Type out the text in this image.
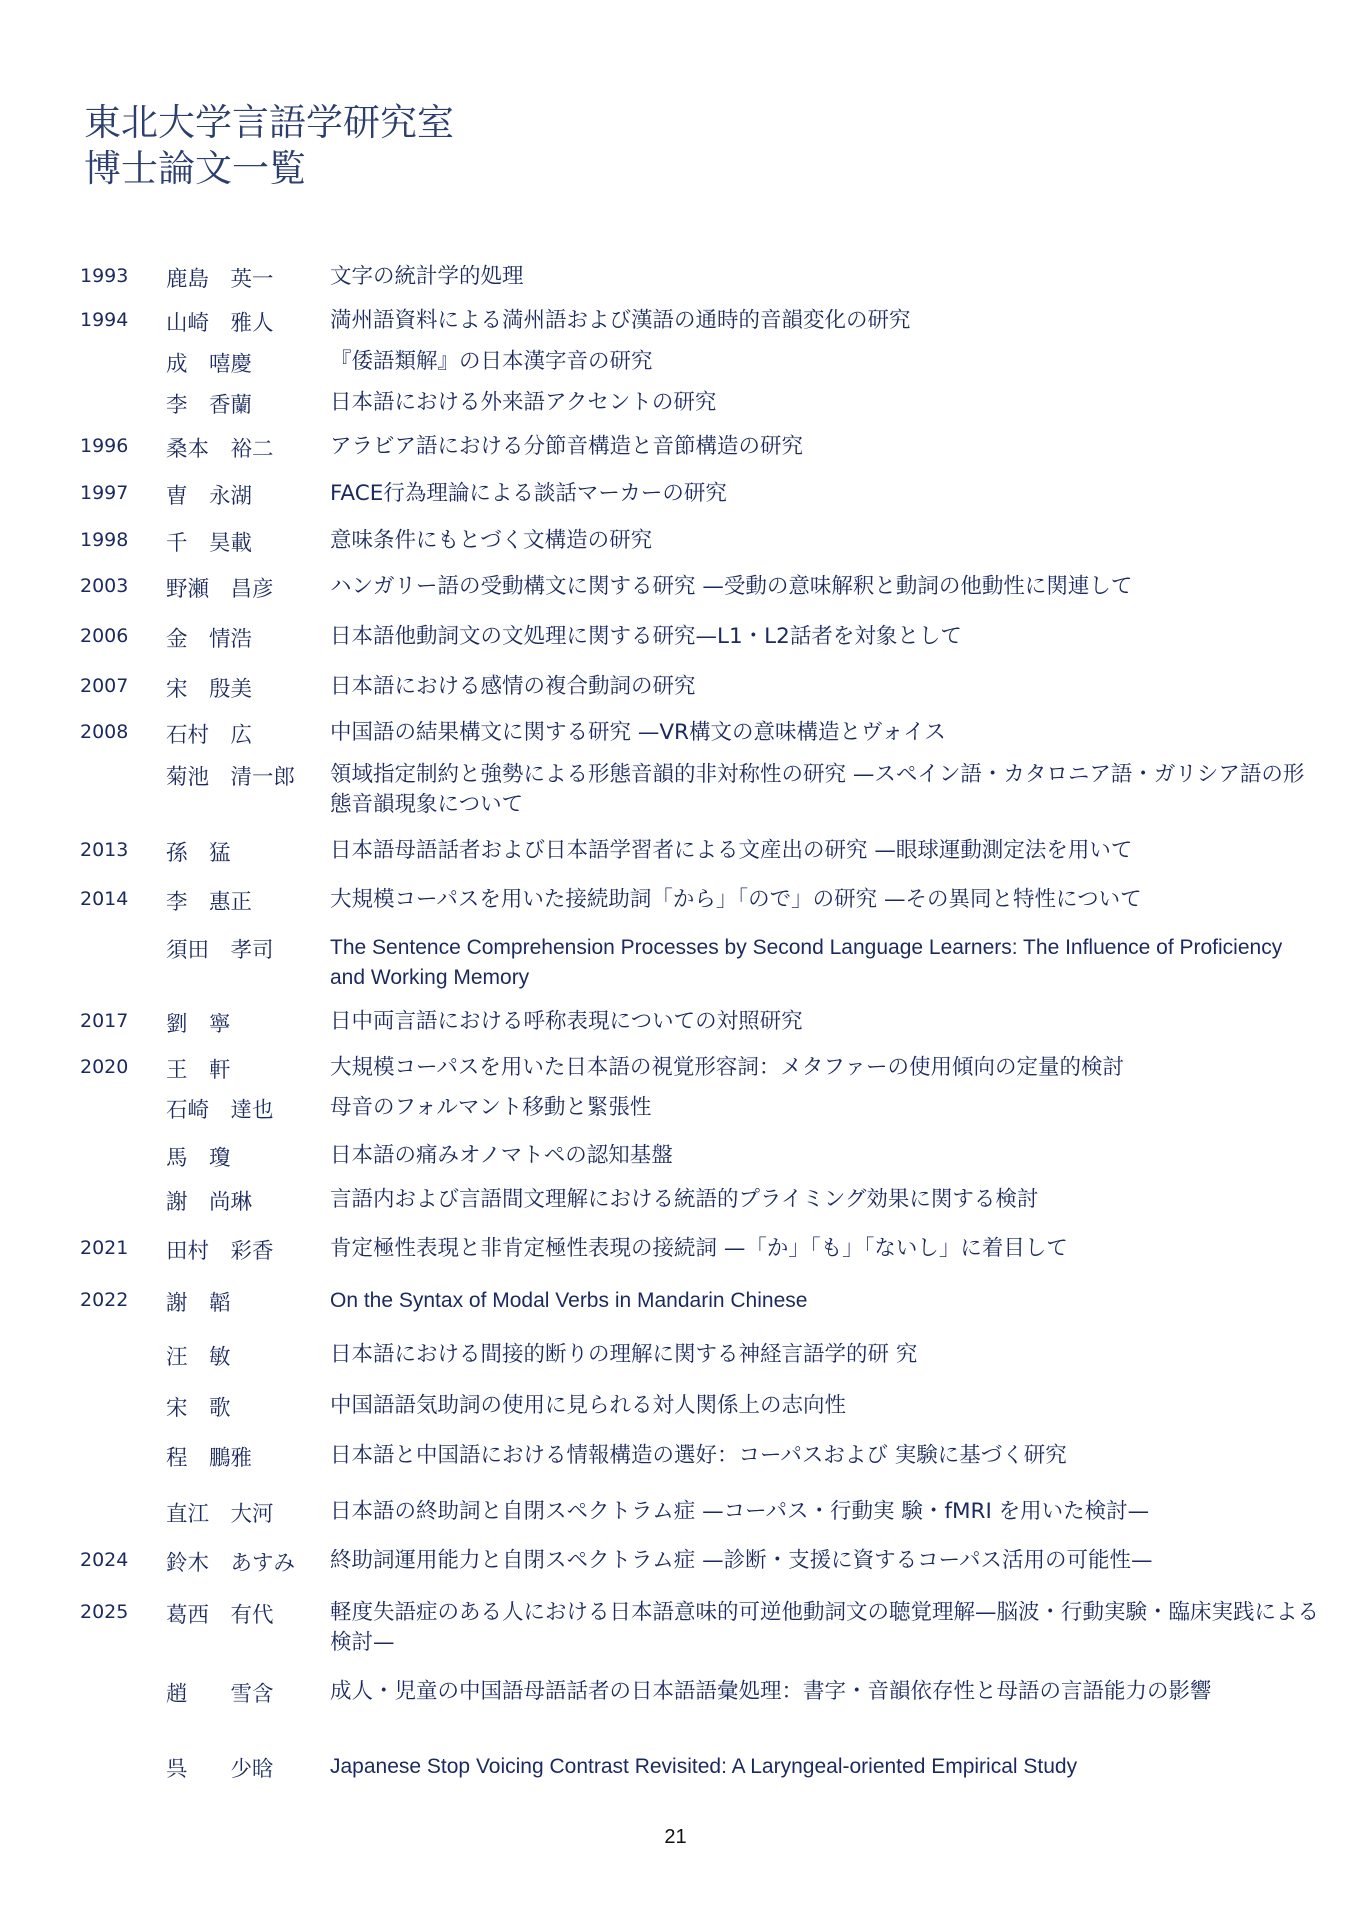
東北大学言語学研究室
博士論文一覧
1993 鹿島　英一	文字の統計学的処理
1994 山崎　雅人	満州語資料による満州語および漢語の通時的音韻変化の研究
成　嘻慶	『倭語類解』の日本漢字音の研究
李　香蘭	日本語における外来語アクセントの研究
1996 桑本　裕二	アラビア語における分節音構造と音節構造の研究
1997 曺　永湖	FACE行為理論による談話マーカーの研究
1998 千　昊載	意味条件にもとづく文構造の研究
2003 野瀬　昌彦	ハンガリー語の受動構文に関する研究 —受動の意味解釈と動詞の他動性に関連して
2006 金　情浩	日本語他動詞文の文処理に関する研究—L1・L2話者を対象として
2007 宋　殷美	日本語における感情の複合動詞の研究
2008 石村　広	中国語の結果構文に関する研究 —VR構文の意味構造とヴォイス
菊池　清一郎 領域指定制約と強勢による形態音韻的非対称性の研究 —スペイン語・カタロニア語・ガリシア語の形態音韻現象について
2013 孫　猛	日本語母語話者および日本語学習者による文産出の研究 —眼球運動測定法を用いて
2014 李　惠正	大規模コーパスを用いた接続助詞「から」「ので」の研究 —その異同と特性について
須田　孝司	The Sentence Comprehension Processes by Second Language Learners: The Influence of Proficiency and Working Memory
2017 劉　寧	日中両言語における呼称表現についての対照研究
2020 王　軒	大規模コーパスを用いた日本語の視覚形容詞：メタファーの使用傾向の定量的検討
石崎　達也	母音のフォルマント移動と緊張性
馬　瓊	日本語の痛みオノマトペの認知基盤
謝　尚琳	言語内および言語間文理解における統語的プライミング効果に関する検討
2021 田村　彩香	肯定極性表現と非肯定極性表現の接続詞 —「か」「も」「ないし」に着目して
2022 謝　韜	On the Syntax of Modal Verbs in Mandarin Chinese
汪　敏	日本語における間接的断りの理解に関する神経言語学的研 究
宋　歌	中国語語気助詞の使用に見られる対人関係上の志向性
程　鵬雅	日本語と中国語における情報構造の選好：コーパスおよび 実験に基づく研究
直江　大河	日本語の終助詞と自閉スペクトラム症 —コーパス・行動実 験・fMRI を用いた検討—
2024 鈴木　あすみ 終助詞運用能力と自閉スペクトラム症 —診断・支援に資するコーパス活用の可能性—
2025 葛西　有代	軽度失語症のある人における日本語意味的可逆他動詞文の聴覚理解—脳波・行動実験・臨床実践による検討—
趙　　雪含	成人・児童の中国語母語話者の日本語語彙処理：書字・音韻依存性と母語の言語能力の影響
呉　　少晗	Japanese Stop Voicing Contrast Revisited: A Laryngeal-oriented Empirical Study
21
